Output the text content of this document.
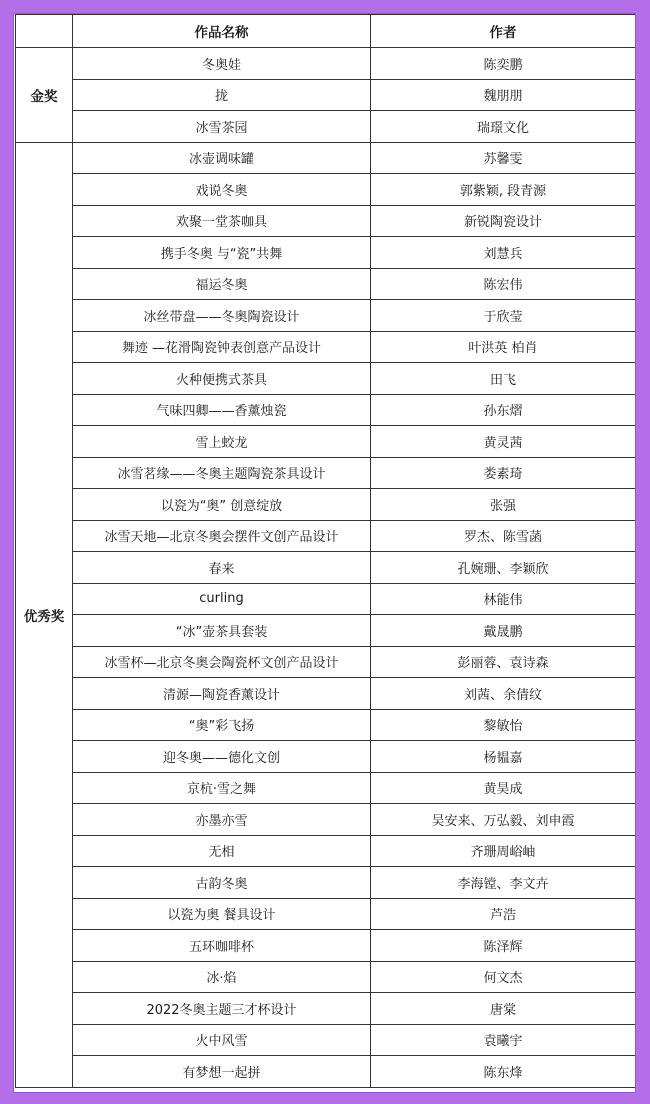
	作品名称	作者
金奖	冬奥娃	陈奕鹏
	拢	魏朋朋
	冰雪茶园	瑞璟文化
优秀奖	冰壶调味罐	苏馨雯
	戏说冬奥	郭紫颖, 段青源
	欢聚一堂茶咖具	新锐陶瓷设计
	携手冬奥 与“瓷”共舞	刘慧兵
	福运冬奥	陈宏伟
	冰丝带盘——冬奥陶瓷设计	于欣莹
	舞迹 —花滑陶瓷钟表创意产品设计	叶洪英 柏肖
	火种便携式茶具	田飞
	气味四卿——香薰烛瓷	孙东熠
	雪上蛟龙	黄灵茜
	冰雪茗缘——冬奥主题陶瓷茶具设计	娄素琦
	以瓷为“奥” 创意绽放	张强
	冰雪天地—北京冬奥会摆件文创产品设计	罗杰、陈雪菡
	春来	孔婉珊、李颖欣
	curling	林能伟
	“冰”壶茶具套装	戴晟鹏
	冰雪杯—北京冬奥会陶瓷杯文创产品设计	彭丽蓉、袁诗森
	清源—陶瓷香薰设计	刘茜、余倩纹
	“奥”彩飞扬	黎敏怡
	迎冬奥——德化文创	杨韫嘉
	京杭·雪之舞	黄昊成
	亦墨亦雪	吴安来、万弘毅、刘申霞
	无相	齐珊周峪岫
	古韵冬奥	李海镗、李文卉
	以瓷为奥 餐具设计	芦浩
	五环咖啡杯	陈泽辉
	冰·焰	何文杰
	2022冬奥主题三才杯设计	唐棠
	火中风雪	袁曦宇
	有梦想一起拼	陈东烽
